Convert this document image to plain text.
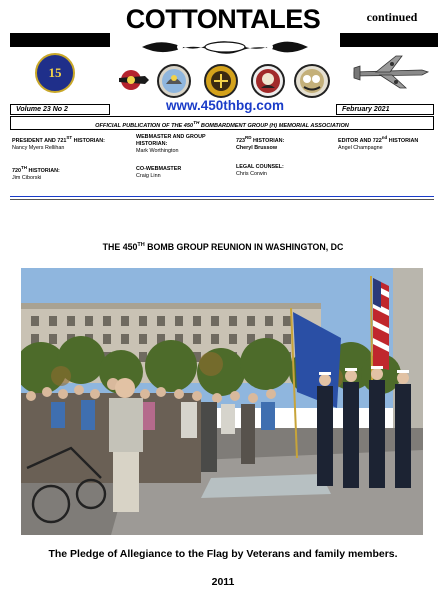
COTTONTALES	continued
15
Volume 23 No 2	www.450thbg.com	February 2021
OFFICIAL PUBLICATION OF THE 450TH BOMBARDMENT GROUP (H) MEMORIAL ASSOCIATION
PRESIDENT AND 721ST HISTORIAN:
Nancy Myers Rellihan
WEBMASTER AND GROUP HISTORIAN:
Mark Worthington
723RD HISTORIAN:
Cheryl Brussow
EDITOR AND 722nd HISTORIAN
Angel Champagne
720TH HISTORIAN:
Jim Ciborski
CO-WEBMASTER
Craig Linn
LEGAL COUNSEL:
Chris Corwin
THE 450TH BOMB GROUP REUNION IN WASHINGTON, DC
The Pledge of Allegiance to the Flag by Veterans and family members.
2011
